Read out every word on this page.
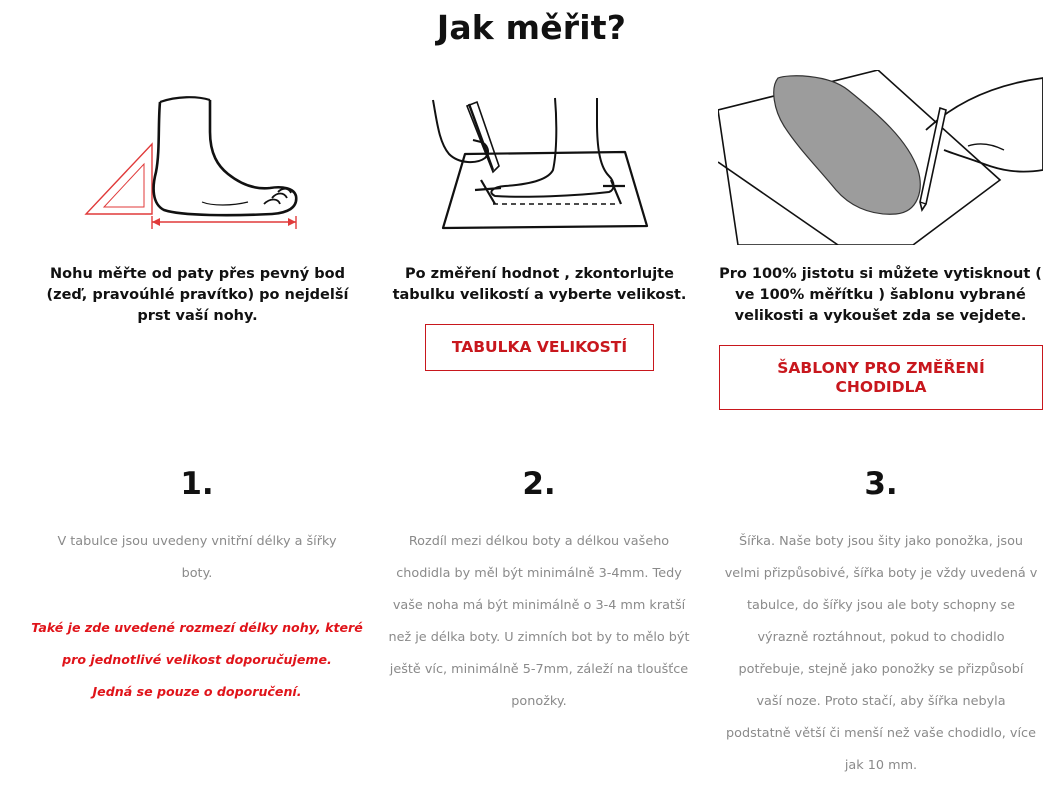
Jak měřit?
Nohu měřte od paty přes pevný bod (zeď, pravoúhlé pravítko) po nejdelší prst vaší nohy.
Po změření hodnot , zkontorlujte tabulku velikostí a vyberte velikost.
Pro 100% jistotu si můžete vytisknout ( ve 100% měřítku ) šablonu vybrané velikosti a vykoušet zda se vejdete.
TABULKA VELIKOSTÍ
ŠABLONY PRO ZMĚŘENÍ
CHODIDLA
1.	2.	3.

V tabulce jsou uvedeny vnitřní délky a šířky

boty.

Také je zde uvedené rozmezí délky nohy, které

pro jednotlivé velikost doporučujeme.

Jedná se pouze o doporučení.

Rozdíl mezi délkou boty a délkou vašeho

chodidla by měl být minimálně 3-4mm. Tedy

vaše noha má být minimálně o 3-4 mm kratší

než je délka boty. U zimních bot by to mělo být

ještě víc, minimálně 5-7mm, záleží na tloušťce

ponožky.

Šířka. Naše boty jsou šity jako ponožka, jsou

velmi přizpůsobivé, šířka boty je vždy uvedená v

tabulce, do šířky jsou ale boty schopny se

výrazně roztáhnout, pokud to chodidlo

potřebuje, stejně jako ponožky se přizpůsobí

vaší noze. Proto stačí, aby šířka nebyla

podstatně větší či menší než vaše chodidlo, více

jak 10 mm.
